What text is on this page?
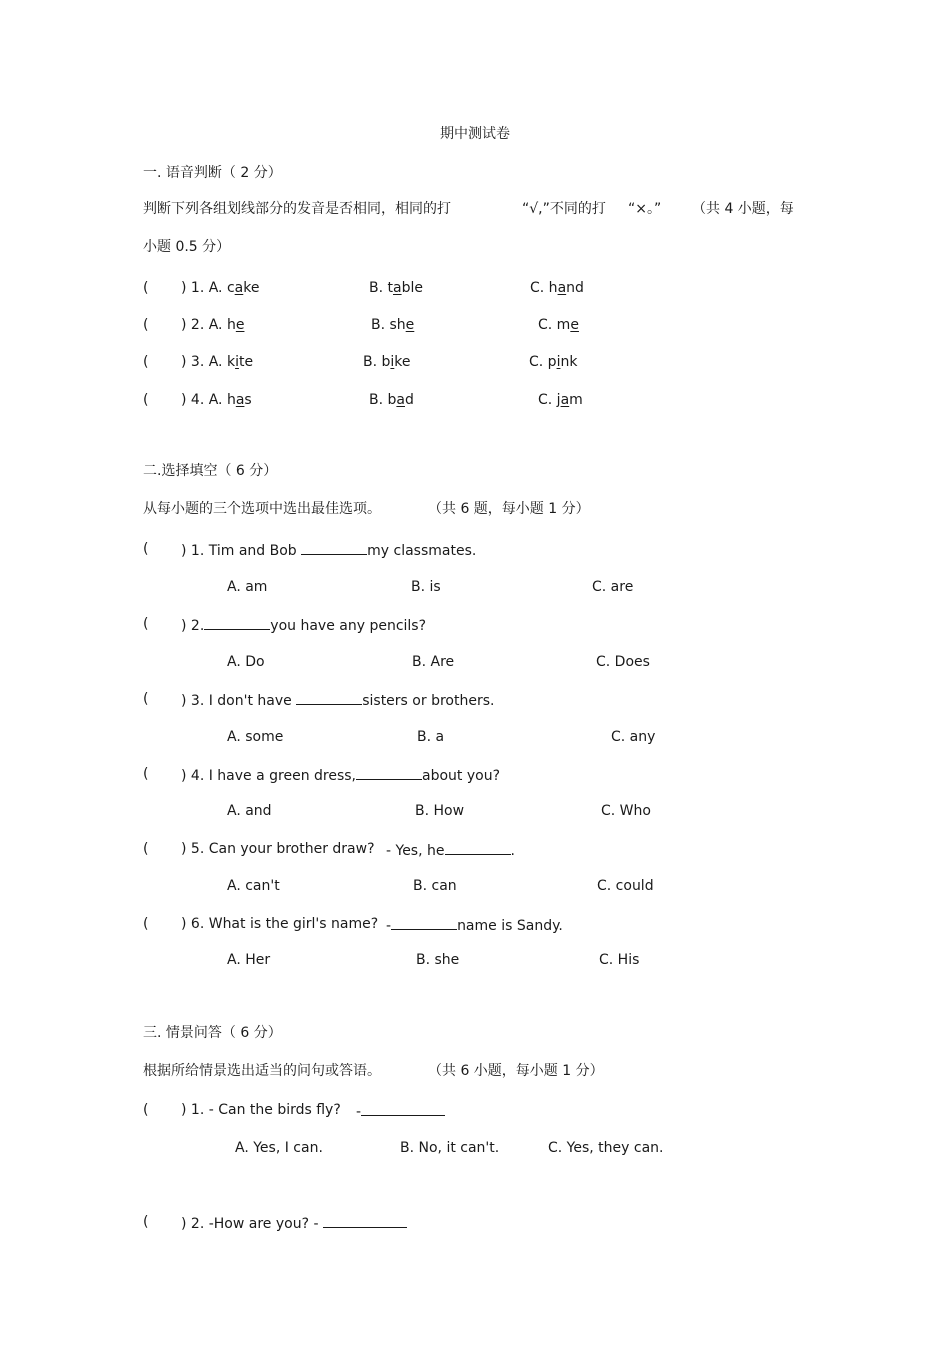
期中测试卷
一. 语音判断（ 2 分）
判断下列各组划线部分的发音是否相同，相同的打	“√,”不同的打 “×。” （共 4 小题，每
小题 0.5 分）
( ) 1. A. cake	B. table	C. hand
( ) 2. A. he	B. she	C. me
( ) 3. A. kite	B. bike	C. pink
( ) 4. A. has	B. bad	C. jam
二.选择填空（ 6 分）
从每小题的三个选项中选出最佳选项。	（共 6 题，每小题 1 分）
( ) 1. Tim and Bob	my classmates.
A. am	B. is	C. are
( ) 2.	you have any pencils?
A. Do	B. Are	C. Does
( ) 3. I don't have	sisters or brothers.
A. some	B. a	C. any
( ) 4. I have a green dress,	about you?
A. and	B. How	C. Who
( ) 5. Can your brother draw? - Yes, he	.
A. can't	B. can	C. could
( ) 6. What is the girl's name? -	name is Sandy.
A. Her	B. she	C. His
三. 情景问答（ 6 分）
根据所给情景选出适当的问句或答语。	（共 6 小题，每小题 1 分）
( ) 1. - Can the birds fly? -
A. Yes, I can.	B. No, it can't.	C. Yes, they can.
( ) 2. -How are you? -
